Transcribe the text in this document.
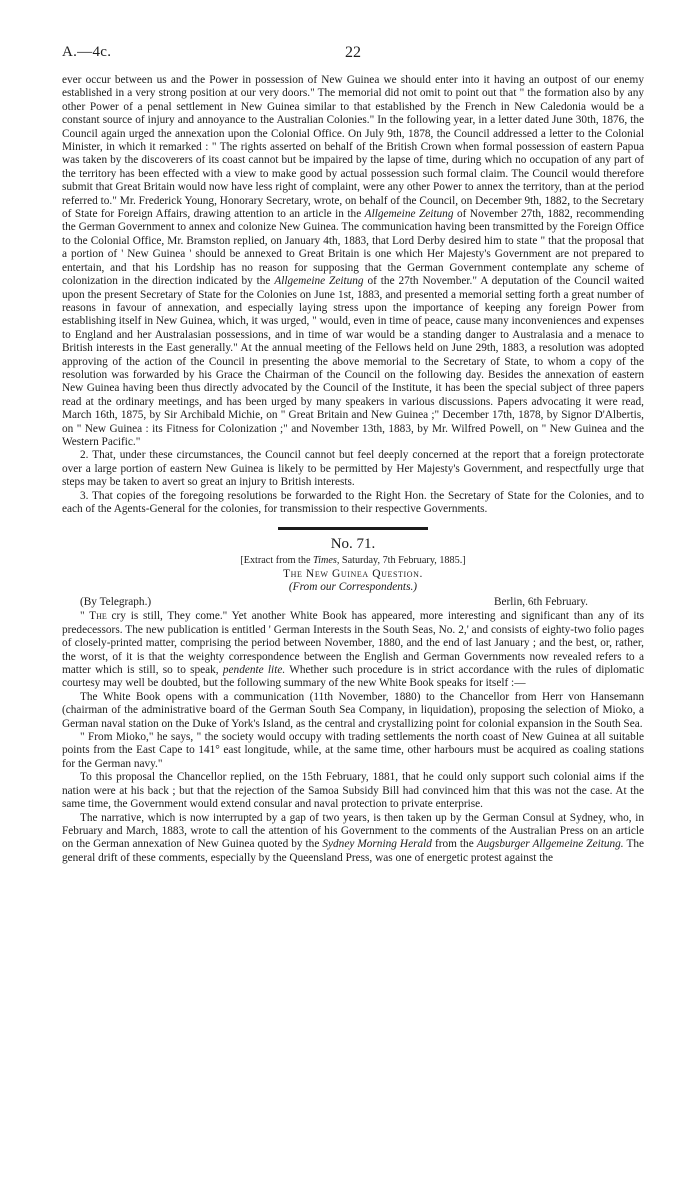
A.—4c.	22

ever occur between us and the Power in possession of New Guinea we should enter into it having an outpost of our enemy established in a very strong position at our very doors." The memorial did not omit to point out that " the formation also by any other Power of a penal settlement in New Guinea similar to that established by the French in New Caledonia would be a constant source of injury and annoyance to the Australian Colonies." In the following year, in a letter dated June 30th, 1876, the Council again urged the annexation upon the Colonial Office. On July 9th, 1878, the Council addressed a letter to the Colonial Minister, in which it remarked : " The rights asserted on behalf of the British Crown when formal possession of eastern Papua was taken by the discoverers of its coast cannot but be impaired by the lapse of time, during which no occupation of any part of the territory has been effected with a view to make good by actual possession such formal claim. The Council would therefore submit that Great Britain would now have less right of complaint, were any other Power to annex the territory, than at the period referred to." Mr. Frederick Young, Honorary Secretary, wrote, on behalf of the Council, on December 9th, 1882, to the Secretary of State for Foreign Affairs, drawing attention to an article in the Allgemeine Zeitung of November 27th, 1882, recommending the German Government to annex and colonize New Guinea. The communication having been transmitted by the Foreign Office to the Colonial Office, Mr. Bramston replied, on January 4th, 1883, that Lord Derby desired him to state " that the proposal that a portion of ' New Guinea ' should be annexed to Great Britain is one which Her Majesty's Government are not prepared to entertain, and that his Lordship has no reason for supposing that the German Government contemplate any scheme of colonization in the direction indicated by the Allgemeine Zeitung of the 27th November." A deputation of the Council waited upon the present Secretary of State for the Colonies on June 1st, 1883, and presented a memorial setting forth a great number of reasons in favour of annexation, and especially laying stress upon the importance of keeping any foreign Power from establishing itself in New Guinea, which, it was urged, " would, even in time of peace, cause many inconveniences and expenses to England and her Australasian possessions, and in time of war would be a standing danger to Australasia and a menace to British interests in the East generally." At the annual meeting of the Fellows held on June 29th, 1883, a resolution was adopted approving of the action of the Council in presenting the above memorial to the Secretary of State, to whom a copy of the resolution was forwarded by his Grace the Chairman of the Council on the following day. Besides the annexation of eastern New Guinea having been thus directly advocated by the Council of the Institute, it has been the special subject of three papers read at the ordinary meetings, and has been urged by many speakers in various discussions. Papers advocating it were read, March 16th, 1875, by Sir Archibald Michie, on " Great Britain and New Guinea ;" December 17th, 1878, by Signor D'Albertis, on " New Guinea : its Fitness for Colonization ;" and November 13th, 1883, by Mr. Wilfred Powell, on " New Guinea and the Western Pacific."

2. That, under these circumstances, the Council cannot but feel deeply concerned at the report that a foreign protectorate over a large portion of eastern New Guinea is likely to be permitted by Her Majesty's Government, and respectfully urge that steps may be taken to avert so great an injury to British interests.

3. That copies of the foregoing resolutions be forwarded to the Right Hon. the Secretary of State for the Colonies, and to each of the Agents-General for the colonies, for transmission to their respective Governments.

No. 71.
[Extract from the Times, Saturday, 7th February, 1885.]
The New Guinea Question.
(From our Correspondents.)
(By Telegraph.)	Berlin, 6th February.

" The cry is still, They come." Yet another White Book has appeared, more interesting and significant than any of its predecessors. The new publication is entitled ' German Interests in the South Seas, No. 2,' and consists of eighty-two folio pages of closely-printed matter, comprising the period between November, 1880, and the end of last January ; and the best, or, rather, the worst, of it is that the weighty correspondence between the English and German Governments now revealed refers to a matter which is still, so to speak, pendente lite. Whether such procedure is in strict accordance with the rules of diplomatic courtesy may well be doubted, but the following summary of the new White Book speaks for itself :—

The White Book opens with a communication (11th November, 1880) to the Chancellor from Herr von Hansemann (chairman of the administrative board of the German South Sea Company, in liquidation), proposing the selection of Mioko, a German naval station on the Duke of York's Island, as the central and crystallizing point for colonial expansion in the South Sea.

" From Mioko," he says, " the society would occupy with trading settlements the north coast of New Guinea at all suitable points from the East Cape to 141° east longitude, while, at the same time, other harbours must be acquired as coaling stations for the German navy."

To this proposal the Chancellor replied, on the 15th February, 1881, that he could only support such colonial aims if the nation were at his back ; but that the rejection of the Samoa Subsidy Bill had convinced him that this was not the case. At the same time, the Government would extend consular and naval protection to private enterprise.

The narrative, which is now interrupted by a gap of two years, is then taken up by the German Consul at Sydney, who, in February and March, 1883, wrote to call the attention of his Government to the comments of the Australian Press on an article on the German annexation of New Guinea quoted by the Sydney Morning Herald from the Augsburger Allgemeine Zeitung. The general drift of these comments, especially by the Queensland Press, was one of energetic protest against the
